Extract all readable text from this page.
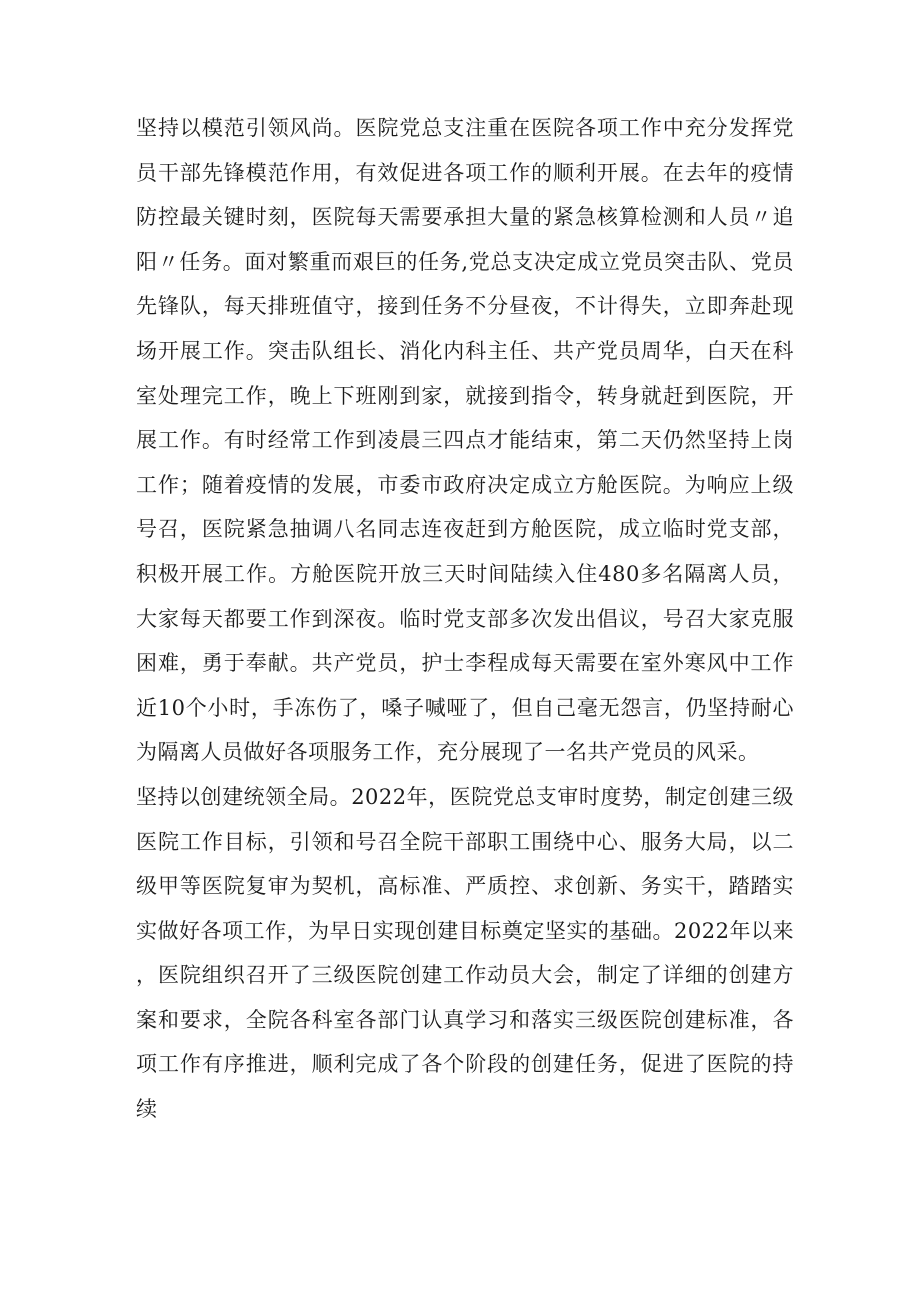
坚持以模范引领风尚。医院党总支注重在医院各项工作中充分发挥党员干部先锋模范作用，有效促进各项工作的顺利开展。在去年的疫情防控最关键时刻，医院每天需要承担大量的紧急核算检测和人员〃追阳〃任务。面对繁重而艰巨的任务,党总支决定成立党员突击队、党员先锋队，每天排班值守，接到任务不分昼夜，不计得失，立即奔赴现场开展工作。突击队组长、消化内科主任、共产党员周华，白天在科室处理完工作，晚上下班刚到家，就接到指令，转身就赶到医院，开展工作。有时经常工作到凌晨三四点才能结束，第二天仍然坚持上岗工作；随着疫情的发展，市委市政府决定成立方舱医院。为响应上级号召，医院紧急抽调八名同志连夜赶到方舱医院，成立临时党支部，积极开展工作。方舱医院开放三天时间陆续入住480多名隔离人员，大家每天都要工作到深夜。临时党支部多次发出倡议，号召大家克服困难，勇于奉献。共产党员，护士李程成每天需要在室外寒风中工作近10个小时，手冻伤了，嗓子喊哑了，但自己毫无怨言，仍坚持耐心为隔离人员做好各项服务工作，充分展现了一名共产党员的风采。

坚持以创建统领全局。2022年，医院党总支审时度势，制定创建三级医院工作目标，引领和号召全院干部职工围绕中心、服务大局，以二级甲等医院复审为契机，高标准、严质控、求创新、务实干，踏踏实实做好各项工作，为早日实现创建目标奠定坚实的基础。2022年以来，医院组织召开了三级医院创建工作动员大会，制定了详细的创建方案和要求，全院各科室各部门认真学习和落实三级医院创建标准，各项工作有序推进，顺利完成了各个阶段的创建任务，促进了医院的持续
